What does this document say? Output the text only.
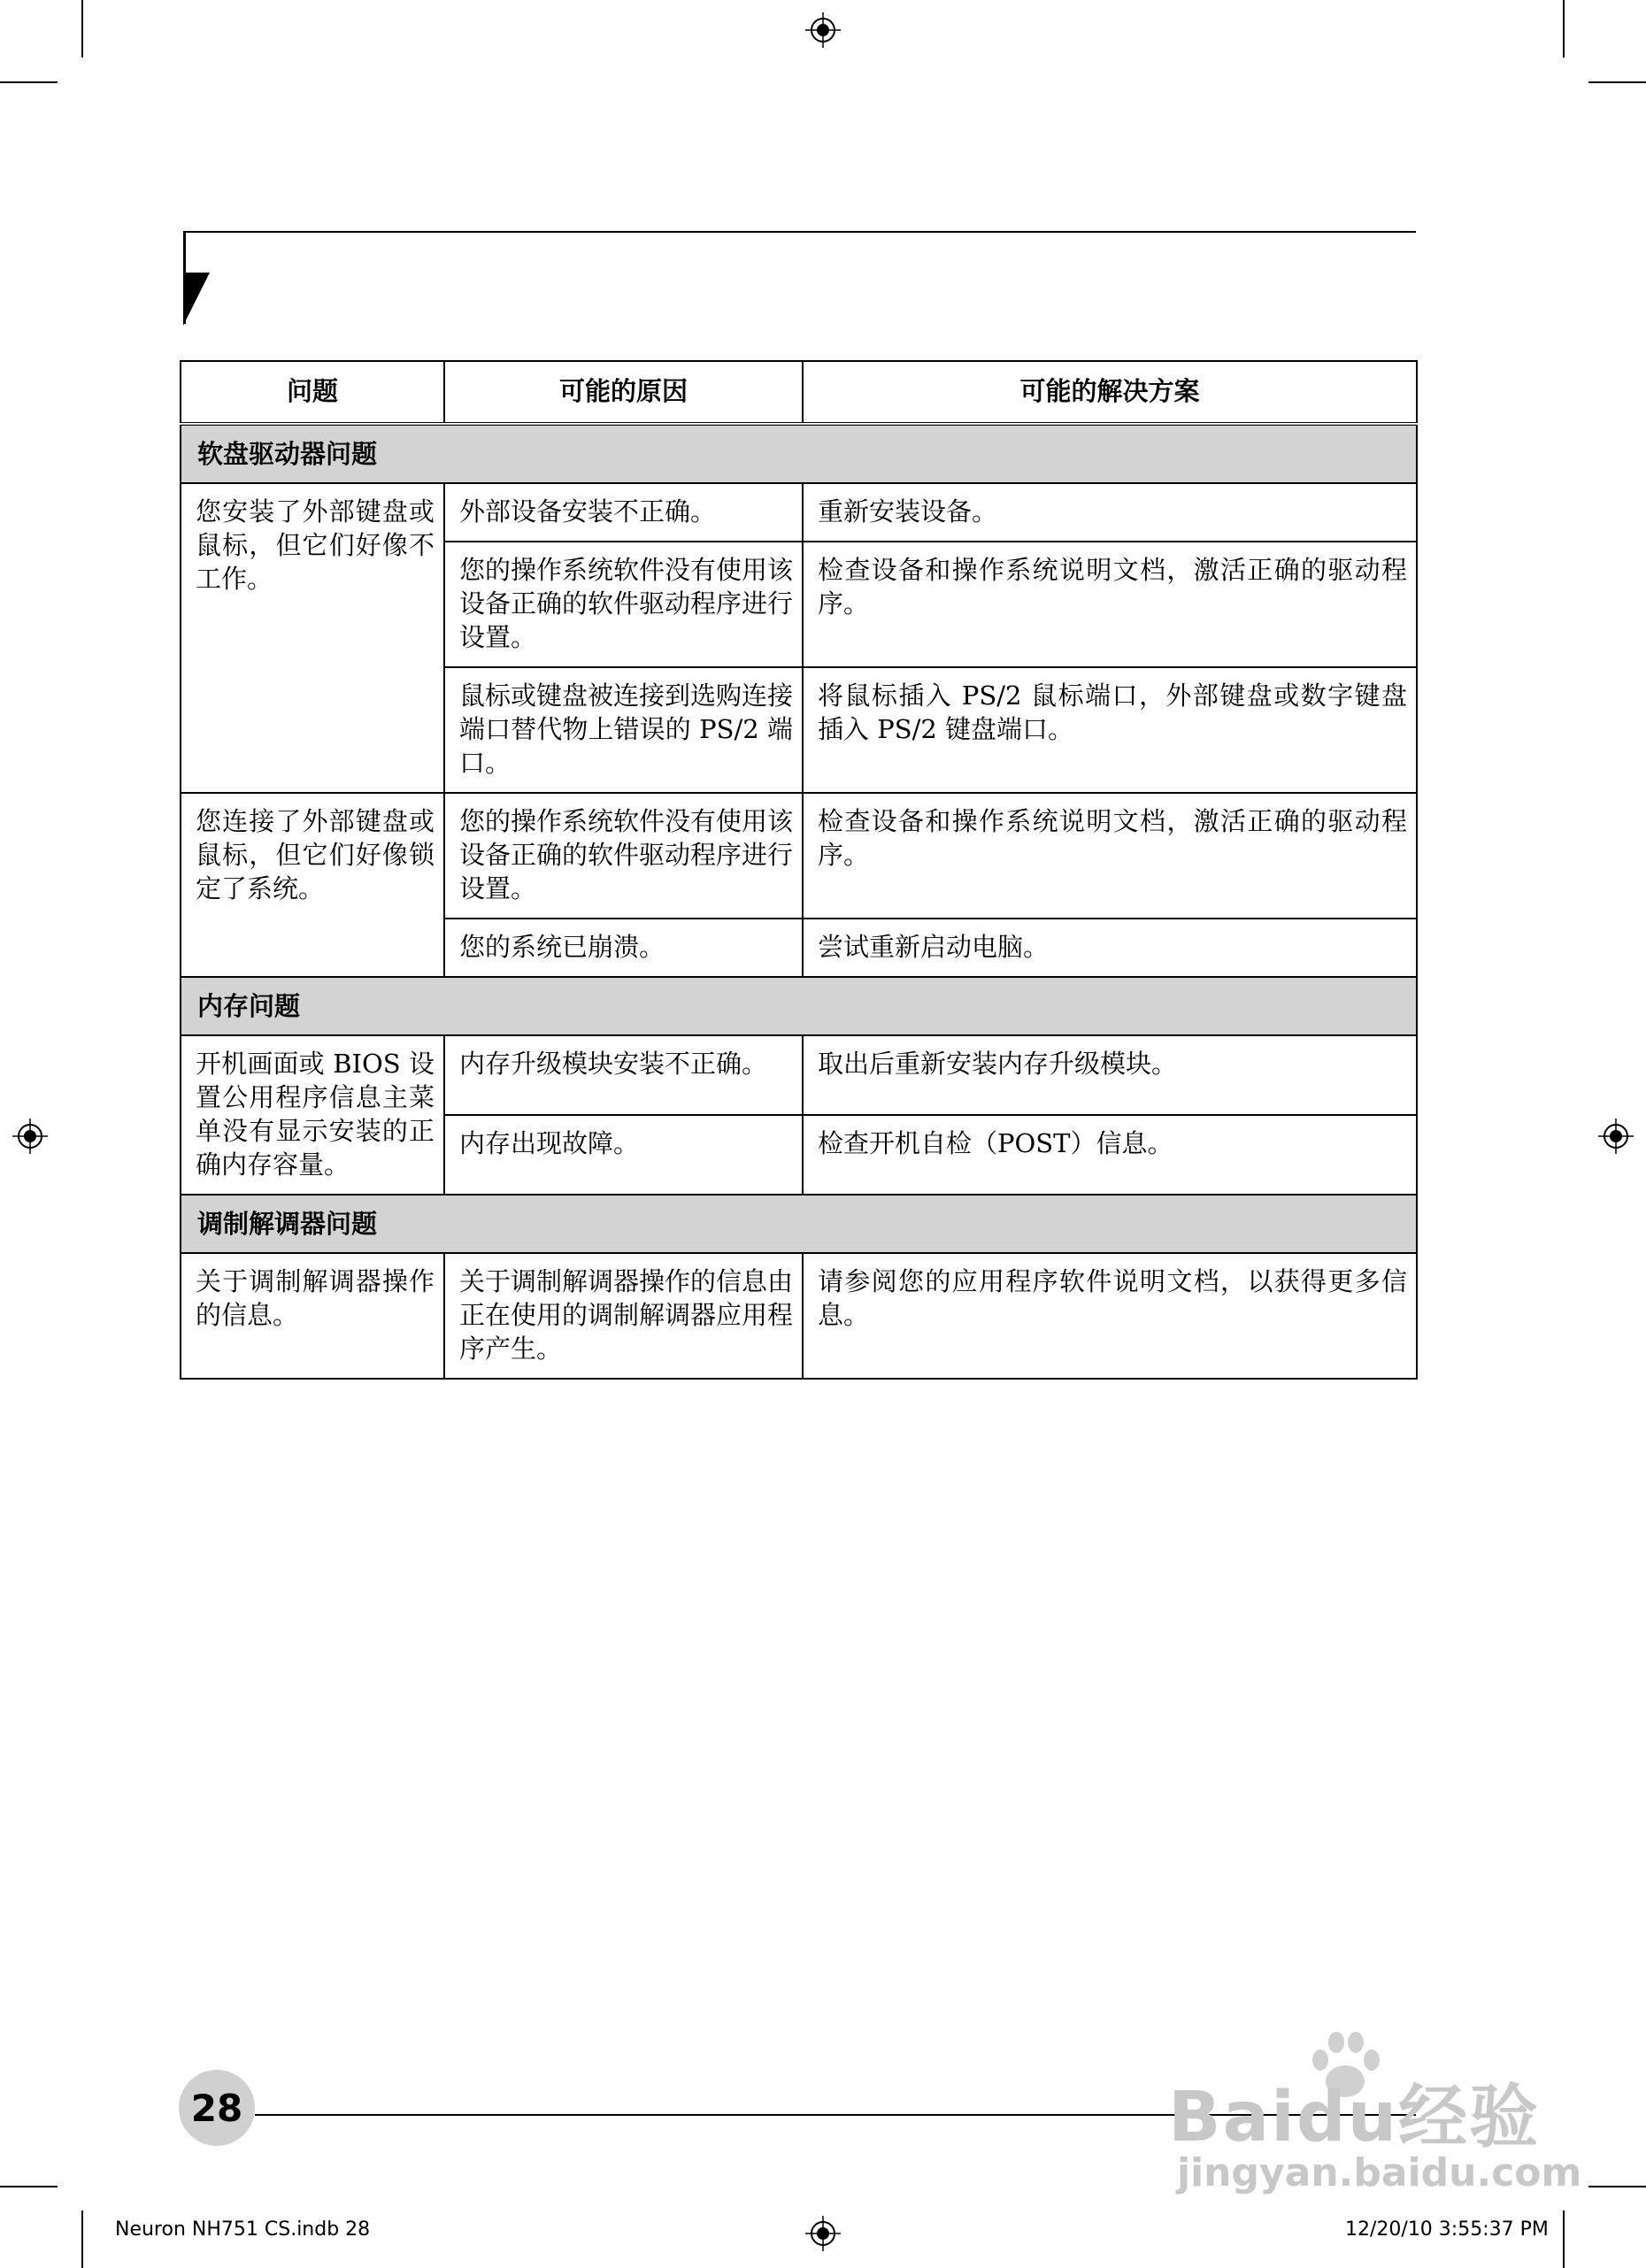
问题	可能的原因	可能的解决方案
软盘驱动器问题		
您安装了外部键盘或鼠标，但它们好像不工作。	外部设备安装不正确。	重新安装设备。
	您的操作系统软件没有使用该设备正确的软件驱动程序进行设置。	检查设备和操作系统说明文档，激活正确的驱动程序。
	鼠标或键盘被连接到选购连接端口替代物上错误的 PS/2 端口。	将鼠标插入 PS/2 鼠标端口，外部键盘或数字键盘插入 PS/2 键盘端口。
您连接了外部键盘或鼠标，但它们好像锁定了系统。	您的操作系统软件没有使用该设备正确的软件驱动程序进行设置。	检查设备和操作系统说明文档，激活正确的驱动程序。
	您的系统已崩溃。	尝试重新启动电脑。
内存问题		
开机画面或 BIOS 设置公用程序信息主菜单没有显示安装的正确内存容量。	内存升级模块安装不正确。	取出后重新安装内存升级模块。
	内存出现故障。	检查开机自检（POST）信息。
调制解调器问题		
关于调制解调器操作的信息。	关于调制解调器操作的信息由正在使用的调制解调器应用程序产生。	请参阅您的应用程序软件说明文档，以获得更多信息。
28	Baidu经验
jingyan.baidu.com
Neuron NH751 CS.indb 28	12/20/10 3:55:37 PM
